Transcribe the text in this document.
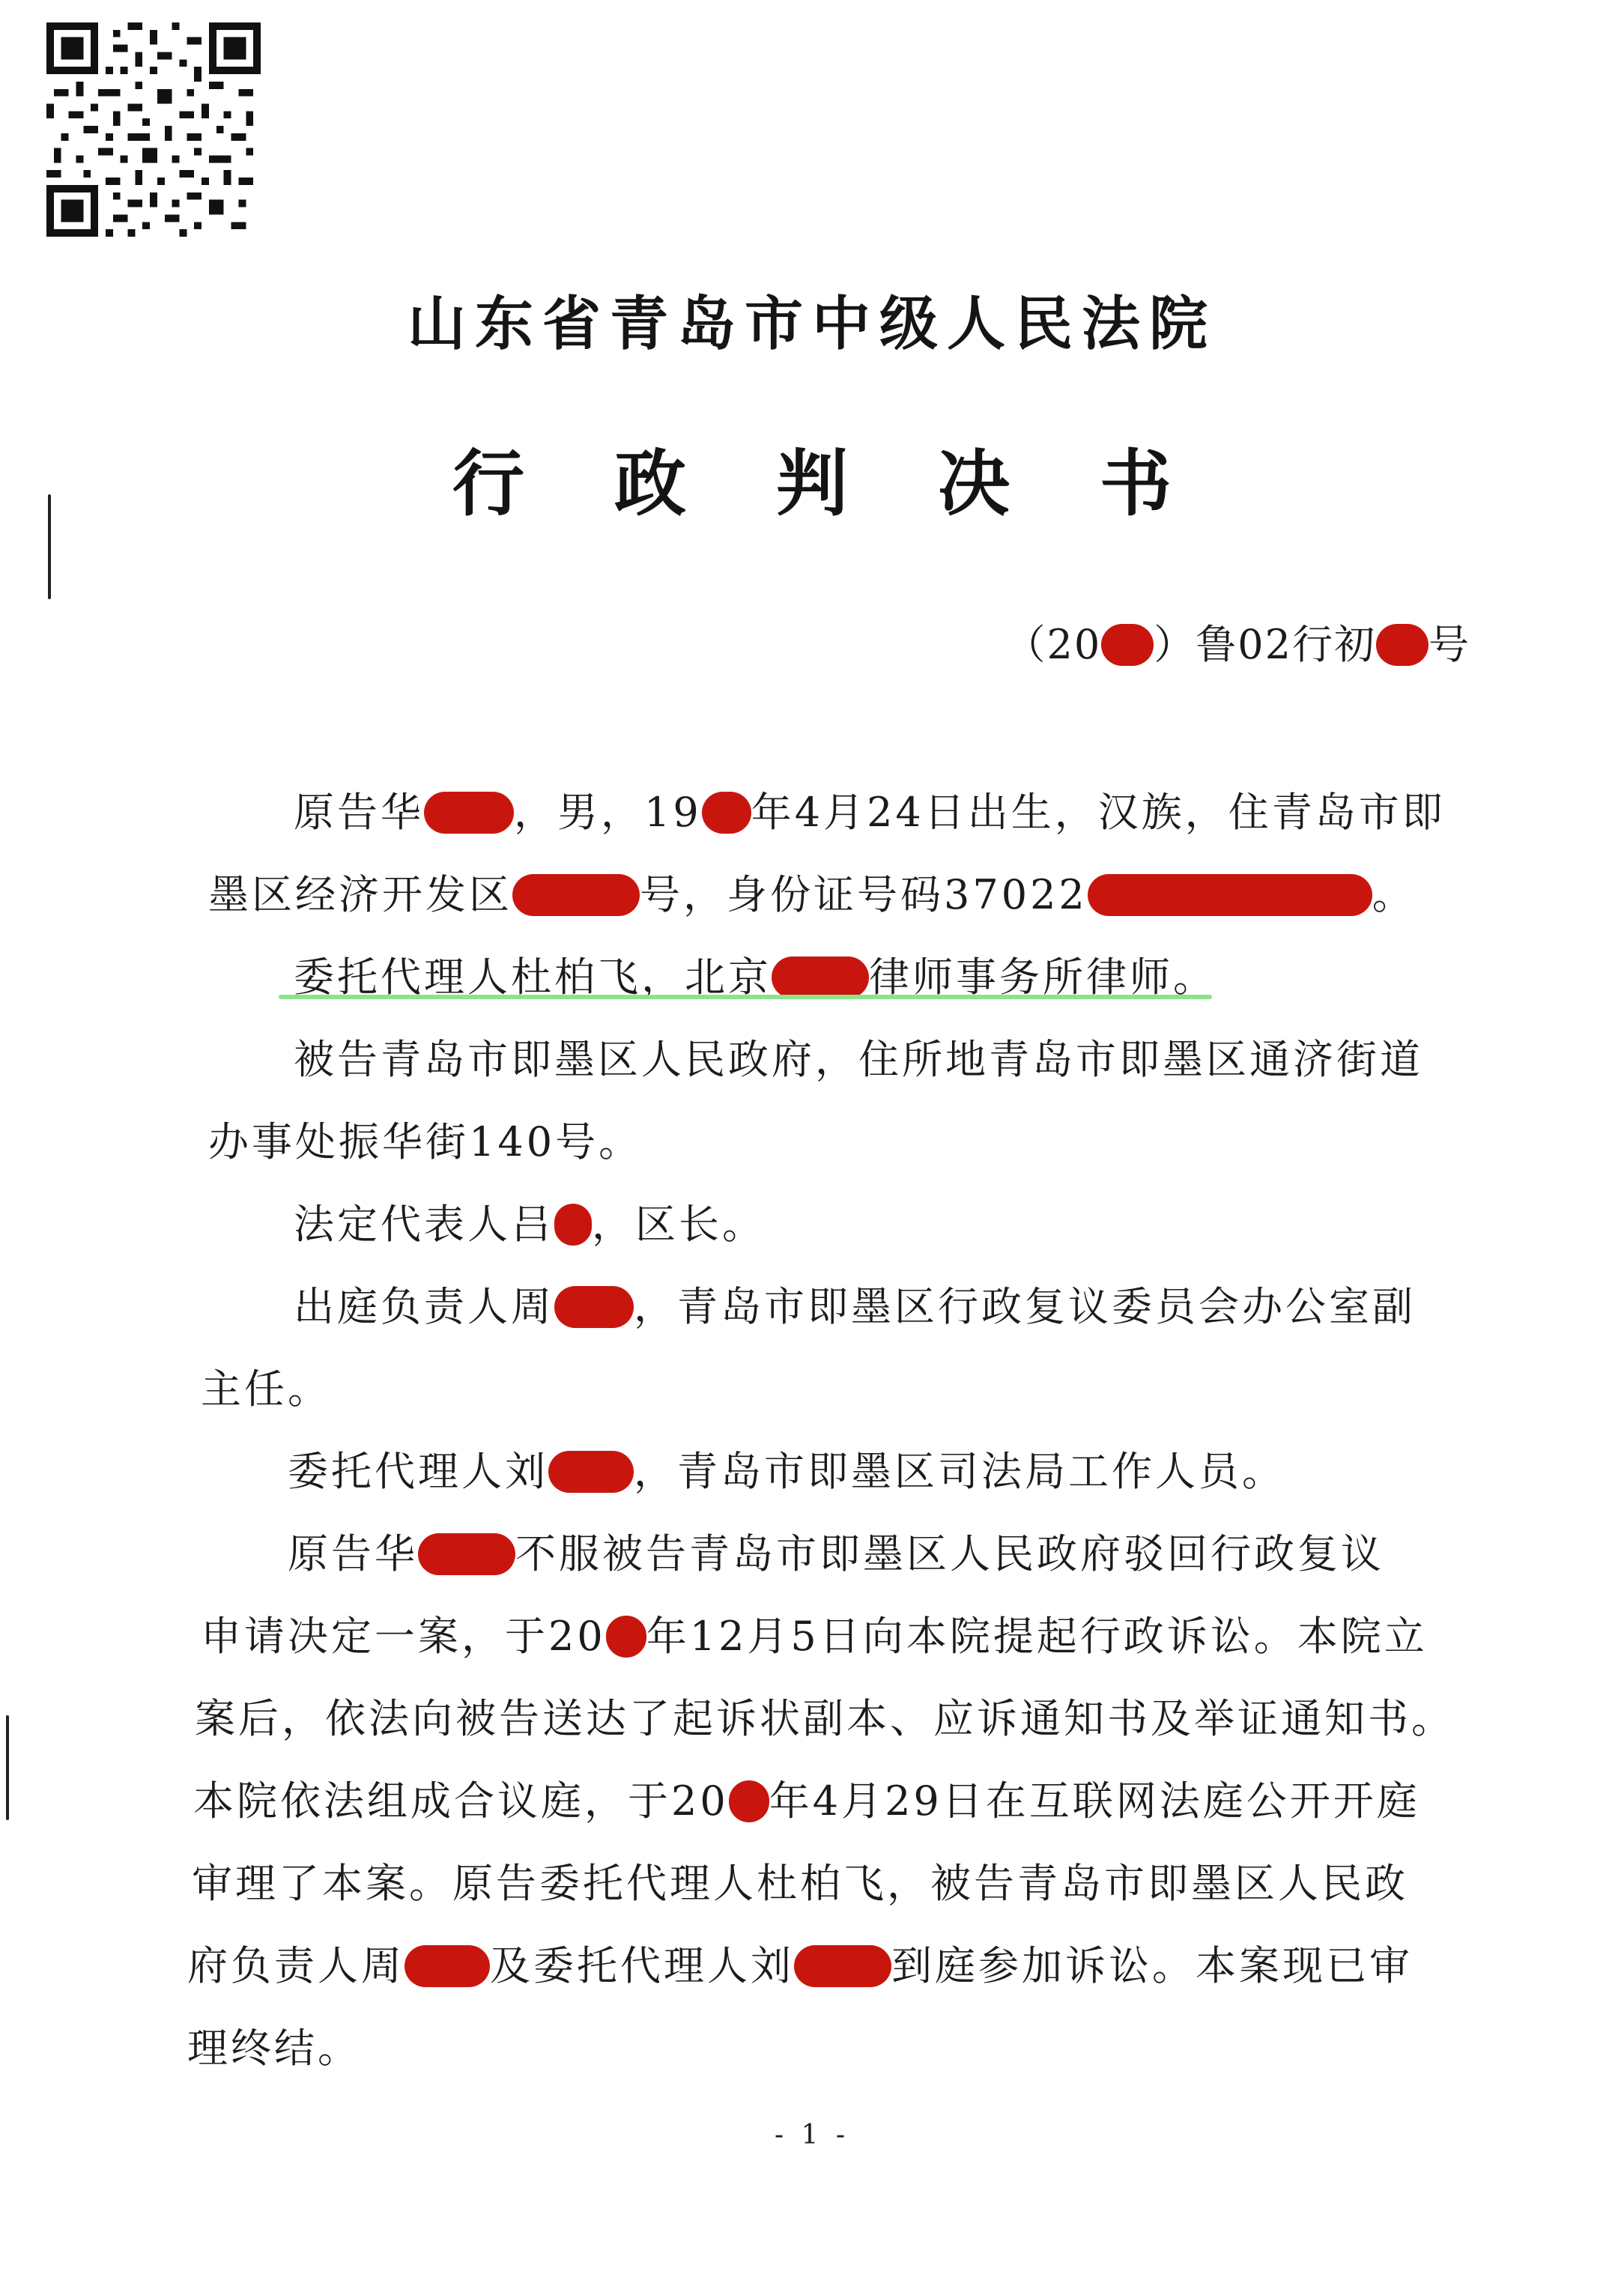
山东省青岛市中级人民法院
行 政 判 决 书
（20 ）鲁02行初 号
原告华 ，男，19 年4月24日出生，汉族，住青岛市即
墨区经济开发区	号，身份证号码37022	。
委托代理人杜柏飞，北京 律师事务所律师。
被告青岛市即墨区人民政府，住所地青岛市即墨区通济街道
办事处振华街140号。
法定代表人吕 ，区长。
出庭负责人周 ，青岛市即墨区行政复议委员会办公室副
主任。
委托代理人刘 ，青岛市即墨区司法局工作人员。
原告华 不服被告青岛市即墨区人民政府驳回行政复议
申请决定一案，于20 年12月5日向本院提起行政诉讼。本院立
案后，依法向被告送达了起诉状副本、应诉通知书及举证通知书。
本院依法组成合议庭，于20 年4月29日在互联网法庭公开开庭
审理了本案。原告委托代理人杜柏飞，被告青岛市即墨区人民政
府负责人周 及委托代理人刘 到庭参加诉讼。本案现已审
理终结。
- 1 -
